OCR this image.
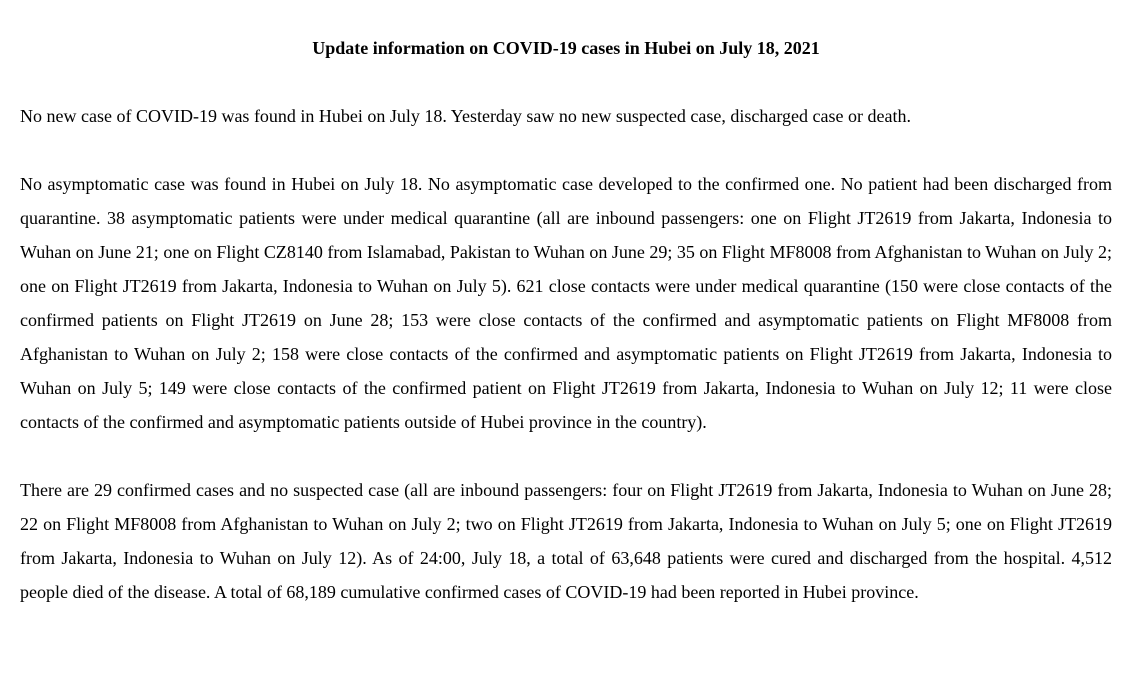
Update information on COVID-19 cases in Hubei on July 18, 2021

No new case of COVID-19 was found in Hubei on July 18. Yesterday saw no new suspected case, discharged case or death.

No asymptomatic case was found in Hubei on July 18. No asymptomatic case developed to the confirmed one. No patient had been discharged from quarantine. 38 asymptomatic patients were under medical quarantine (all are inbound passengers: one on Flight JT2619 from Jakarta, Indonesia to Wuhan on June 21; one on Flight CZ8140 from Islamabad, Pakistan to Wuhan on June 29; 35 on Flight MF8008 from Afghanistan to Wuhan on July 2; one on Flight JT2619 from Jakarta, Indonesia to Wuhan on July 5). 621 close contacts were under medical quarantine (150 were close contacts of the confirmed patients on Flight JT2619 on June 28; 153 were close contacts of the confirmed and asymptomatic patients on Flight MF8008 from Afghanistan to Wuhan on July 2; 158 were close contacts of the confirmed and asymptomatic patients on Flight JT2619 from Jakarta, Indonesia to Wuhan on July 5; 149 were close contacts of the confirmed patient on Flight JT2619 from Jakarta, Indonesia to Wuhan on July 12; 11 were close contacts of the confirmed and asymptomatic patients outside of Hubei province in the country).

There are 29 confirmed cases and no suspected case (all are inbound passengers: four on Flight JT2619 from Jakarta, Indonesia to Wuhan on June 28; 22 on Flight MF8008 from Afghanistan to Wuhan on July 2; two on Flight JT2619 from Jakarta, Indonesia to Wuhan on July 5; one on Flight JT2619 from Jakarta, Indonesia to Wuhan on July 12). As of 24:00, July 18, a total of 63,648 patients were cured and discharged from the hospital. 4,512 people died of the disease. A total of 68,189 cumulative confirmed cases of COVID-19 had been reported in Hubei province.
